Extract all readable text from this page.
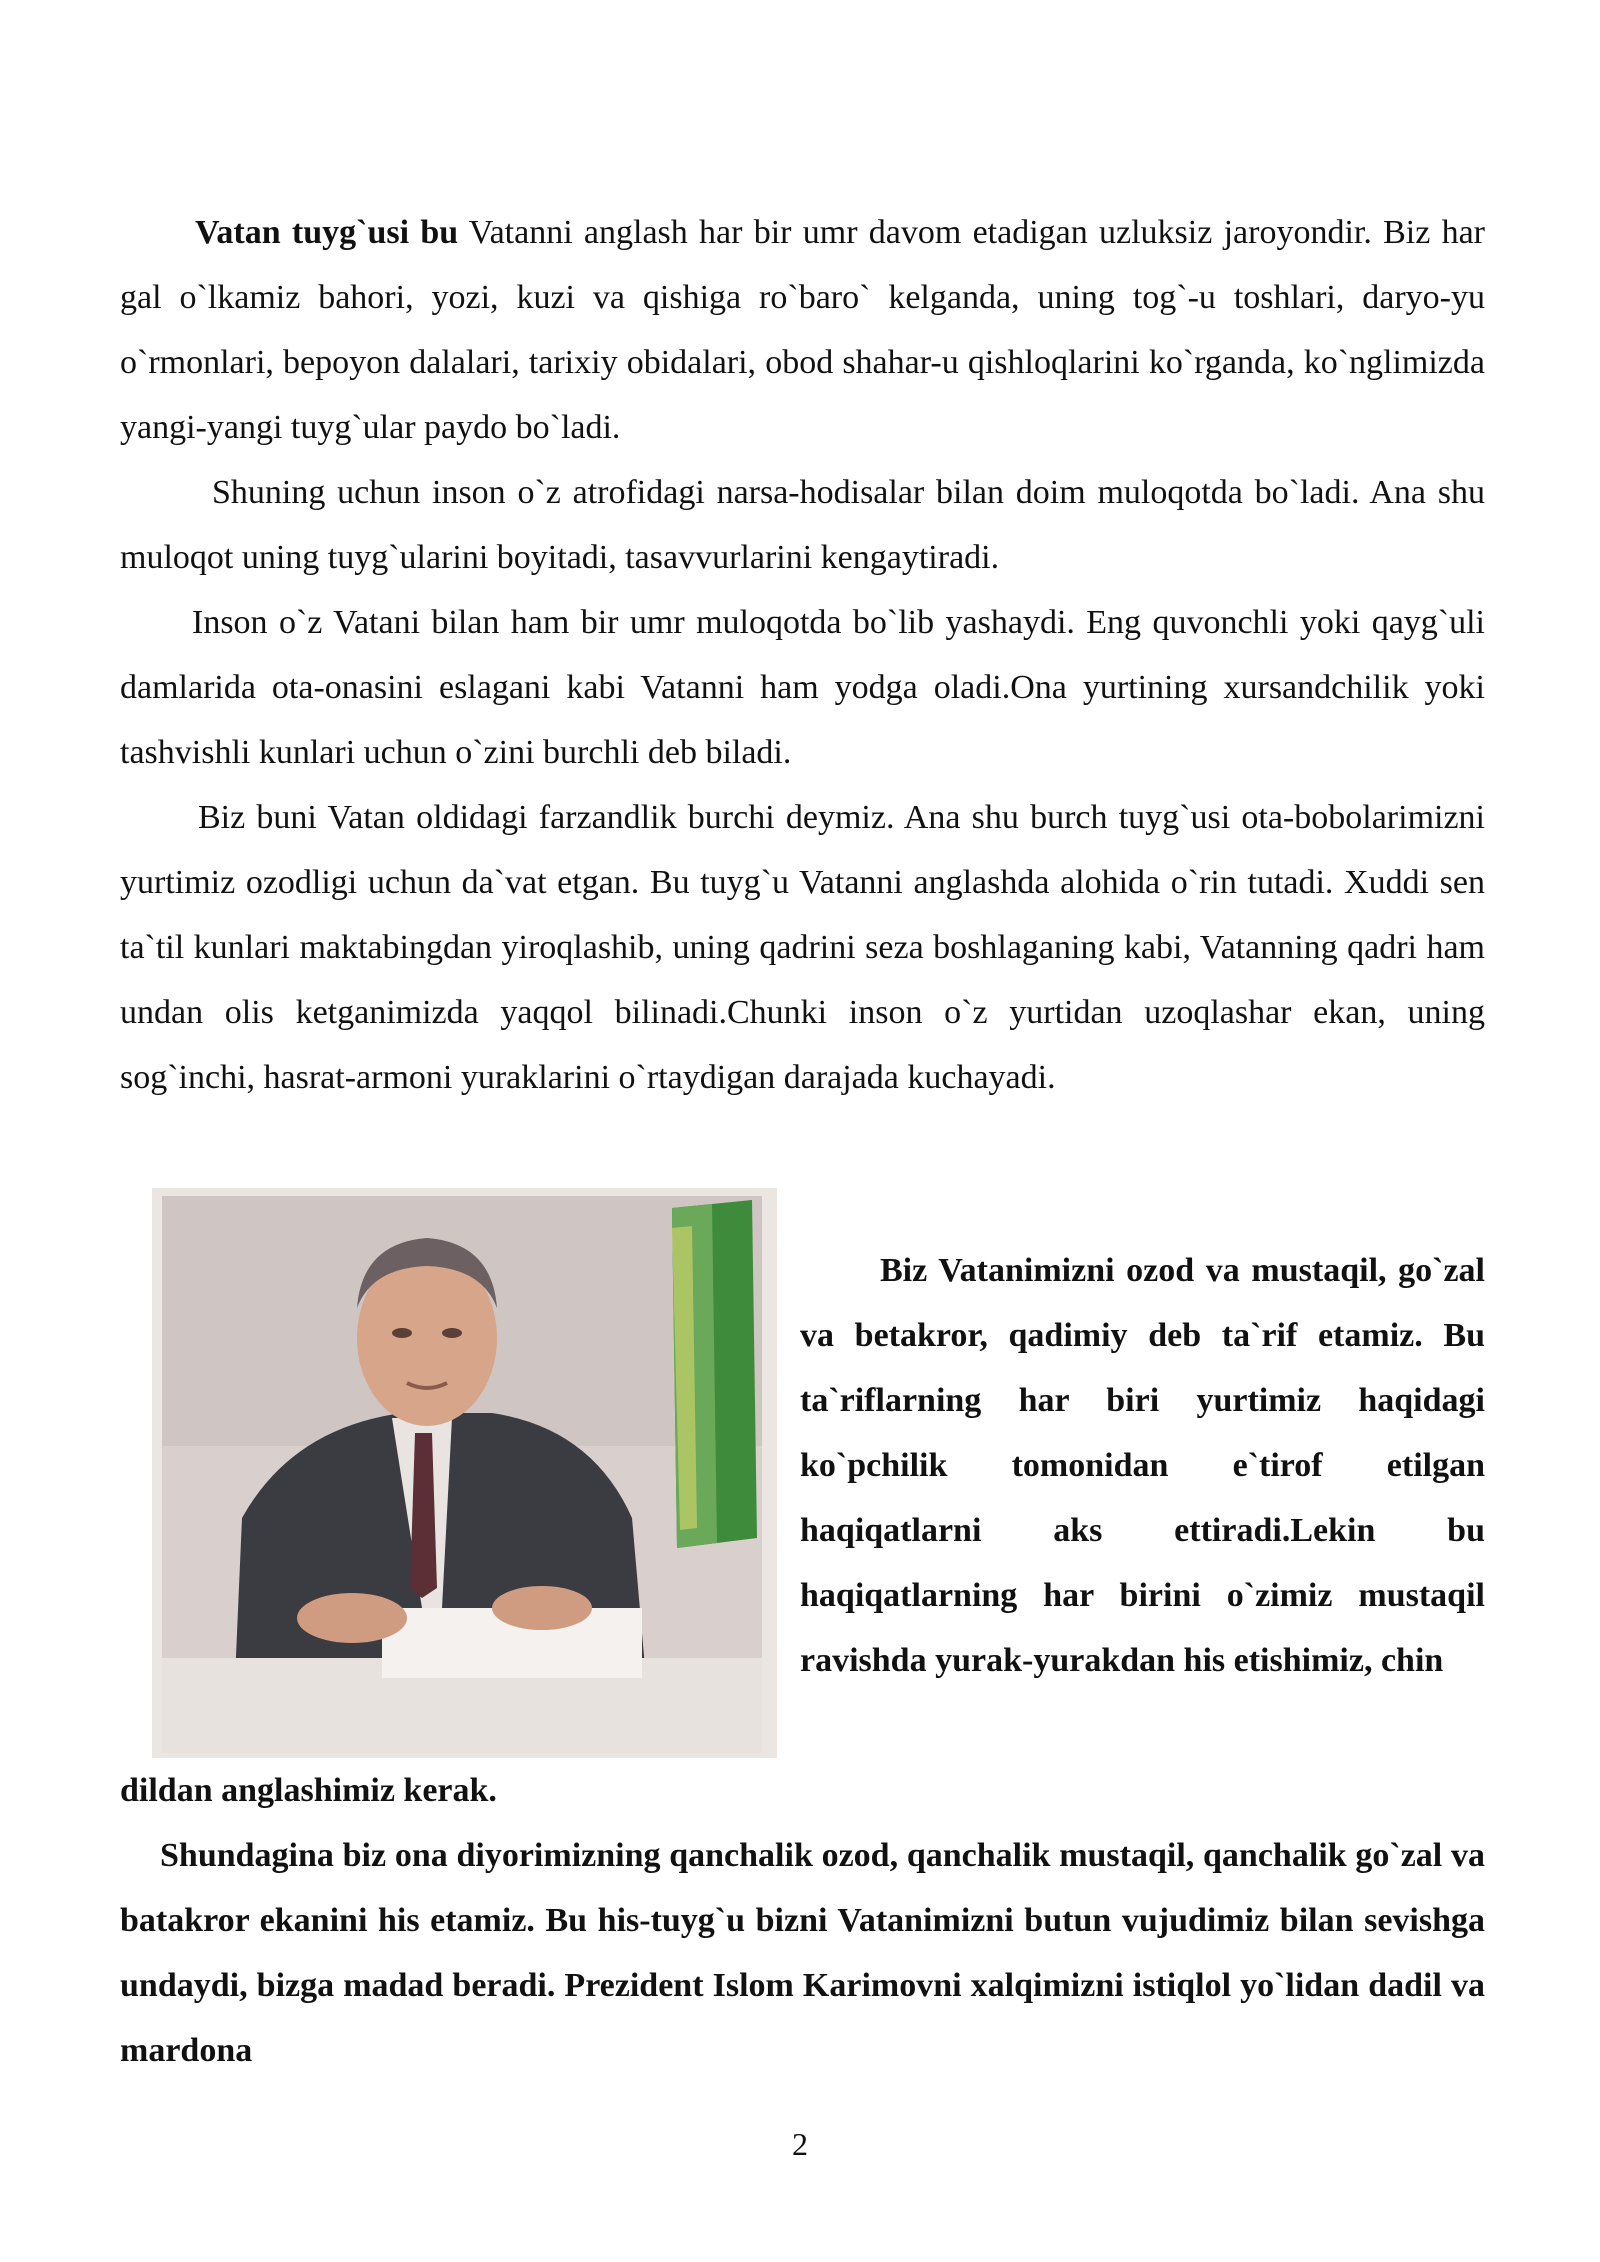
Vatan tuyg`usi bu Vatanni anglash har bir umr davom etadigan uzluksiz jaroyondir. Biz har gal o`lkamiz bahori, yozi, kuzi va qishiga ro`baro` kelganda, uning tog`-u toshlari, daryo-yu o`rmonlari, bepoyon dalalari, tarixiy obidalari, obod shahar-u qishloqlarini ko`rganda, ko`nglimizda yangi-yangi tuyg`ular paydo bo`ladi.

Shuning uchun inson o`z atrofidagi narsa-hodisalar bilan doim muloqotda bo`ladi. Ana shu muloqot uning tuyg`ularini boyitadi, tasavvurlarini kengaytiradi.

Inson o`z Vatani bilan ham bir umr muloqotda bo`lib yashaydi. Eng quvonchli yoki qayg`uli damlarida ota-onasini eslagani kabi Vatanni ham yodga oladi.Ona yurtining xursandchilik yoki tashvishli kunlari uchun o`zini burchli deb biladi.

Biz buni Vatan oldidagi farzandlik burchi deymiz. Ana shu burch tuyg`usi ota-bobolarimizni yurtimiz ozodligi uchun da`vat etgan. Bu tuyg`u Vatanni anglashda alohida o`rin tutadi. Xuddi sen ta`til kunlari maktabingdan yiroqlashib, uning qadrini seza boshlaganing kabi, Vatanning qadri ham undan olis ketganimizda yaqqol bilinadi.Chunki inson o`z yurtidan uzoqlashar ekan, uning sog`inchi, hasrat-armoni yuraklarini o`rtaydigan darajada kuchayadi.

Biz Vatanimizni ozod va mustaqil, go`zal va betakror, qadimiy deb ta`rif etamiz. Bu ta`riflarning har biri yurtimiz haqidagi ko`pchilik tomonidan e`tirof etilgan haqiqatlarni aks ettiradi.Lekin bu haqiqatlarning har birini o`zimiz mustaqil ravishda yurak-yurakdan his etishimiz, chin

dildan anglashimiz kerak.

Shundagina biz ona diyorimizning qanchalik ozod, qanchalik mustaqil, qanchalik go`zal va batakror ekanini his etamiz. Bu his-tuyg`u bizni Vatanimizni butun vujudimiz bilan sevishga undaydi, bizga madad beradi. Prezident Islom Karimovni xalqimizni istiqlol yo`lidan dadil va mardona

2
